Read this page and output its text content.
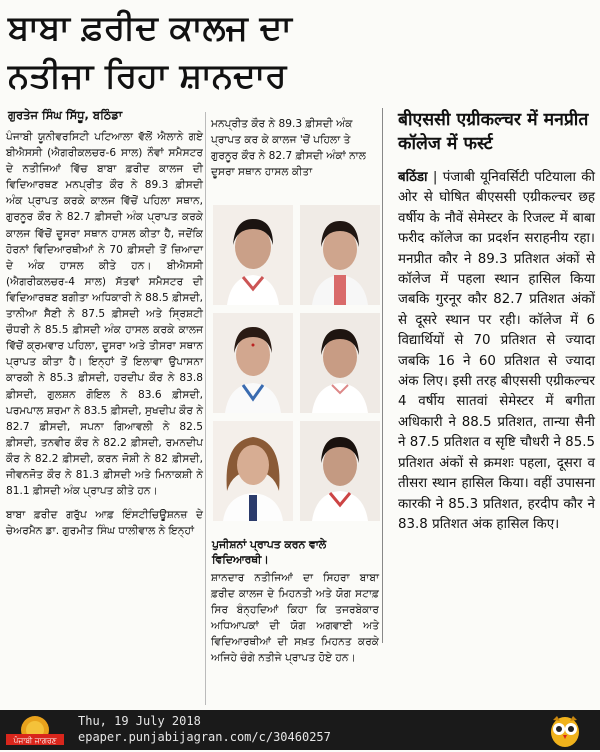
ਬਾਬਾ ਫ਼ਰੀਦ ਕਾਲਜ ਦਾ
ਨਤੀਜਾ ਰਿਹਾ ਸ਼ਾਨਦਾਰ
ਗੁਰਤੇਜ ਸਿੰਘ ਸਿੱਧੂ, ਬਠਿੰਡਾ

ਪੰਜਾਬੀ ਯੂਨੀਵਰਸਿਟੀ ਪਟਿਆਲਾ ਵੱਲੋਂ ਐਲਾਨੇ ਗਏ ਬੀਐਸਸੀ (ਐਗਰੀਕਲਚਰ-6 ਸਾਲ) ਨੌਵਾਂ ਸਮੈਸਟਰ ਦੇ ਨਤੀਜਿਆਂ ਵਿੱਚ ਬਾਬਾ ਫ਼ਰੀਦ ਕਾਲਜ ਦੀ ਵਿਦਿਆਰਥਣ ਮਨਪ੍ਰੀਤ ਕੌਰ ਨੇ 89.3 ਫ਼ੀਸਦੀ ਅੰਕ ਪ੍ਰਾਪਤ ਕਰਕੇ ਕਾਲਜ ਵਿੱਚੋਂ ਪਹਿਲਾ ਸਥਾਨ, ਗੁਰਨੂਰ ਕੌਰ ਨੇ 82.7 ਫ਼ੀਸਦੀ ਅੰਕ ਪ੍ਰਾਪਤ ਕਰਕੇ ਕਾਲਜ ਵਿੱਚੋਂ ਦੂਸਰਾ ਸਥਾਨ ਹਾਸਲ ਕੀਤਾ ਹੈ, ਜਦੋਂਕਿ ਹੋਰਨਾਂ ਵਿਦਿਆਰਥੀਆਂ ਨੇ 70 ਫ਼ੀਸਦੀ ਤੋਂ ਜ਼ਿਆਦਾ ਦੇ ਅੰਕ ਹਾਸਲ ਕੀਤੇ ਹਨ। ਬੀਐਸਸੀ (ਐਗਰੀਕਲਚਰ-4 ਸਾਲ) ਸੱਤਵਾਂ ਸਮੈਸਟਰ ਦੀ ਵਿਦਿਆਰਥਣ ਬਗੀਤਾ ਅਧਿਕਾਰੀ ਨੇ 88.5 ਫ਼ੀਸਦੀ, ਤਾਨੀਆ ਸੈਣੀ ਨੇ 87.5 ਫ਼ੀਸਦੀ ਅਤੇ ਸ੍ਰਿਸ਼ਟੀ ਚੌਧਰੀ ਨੇ 85.5 ਫ਼ੀਸਦੀ ਅੰਕ ਹਾਸਲ ਕਰਕੇ ਕਾਲਜ ਵਿੱਚੋਂ ਕ੍ਰਮਵਾਰ ਪਹਿਲਾ, ਦੂਸਰਾ ਅਤੇ ਤੀਸਰਾ ਸਥਾਨ ਪ੍ਰਾਪਤ ਕੀਤਾ ਹੈ। ਇਨ੍ਹਾਂ ਤੋਂ ਇਲਾਵਾ ਉਪਾਸਨਾ ਕਾਰਕੀ ਨੇ 85.3 ਫ਼ੀਸਦੀ, ਹਰਦੀਪ ਕੌਰ ਨੇ 83.8 ਫ਼ੀਸਦੀ, ਗੁਲਸ਼ਨ ਗੋਇਲ ਨੇ 83.6 ਫ਼ੀਸਦੀ, ਪਰਮਪਾਲ ਸ਼ਰਮਾ ਨੇ 83.5 ਫ਼ੀਸਦੀ, ਸੁਖਦੀਪ ਕੌਰ ਨੇ 82.7 ਫ਼ੀਸਦੀ, ਸਪਨਾ ਗਿਆਵਲੀ ਨੇ 82.5 ਫ਼ੀਸਦੀ, ਤਨਵੀਰ ਕੌਰ ਨੇ 82.2 ਫ਼ੀਸਦੀ, ਰਮਨਦੀਪ ਕੌਰ ਨੇ 82.2 ਫ਼ੀਸਦੀ, ਕਰਨ ਜੋਸ਼ੀ ਨੇ 82 ਫ਼ੀਸਦੀ, ਜੀਵਨਜੋਤ ਕੌਰ ਨੇ 81.3 ਫ਼ੀਸਦੀ ਅਤੇ ਮਿਨਾਕਸ਼ੀ ਨੇ 81.1 ਫ਼ੀਸਦੀ ਅੰਕ ਪ੍ਰਾਪਤ ਕੀਤੇ ਹਨ।

ਬਾਬਾ ਫ਼ਰੀਦ ਗਰੁੱਪ ਆਫ਼ ਇੰਸਟੀਚਿਊਸ਼ਨਜ਼ ਦੇ ਚੇਅਰਮੈਨ ਡਾ. ਗੁਰਮੀਤ ਸਿੰਘ ਧਾਲੀਵਾਲ ਨੇ ਇਨ੍ਹਾਂ

ਮਨਪ੍ਰੀਤ ਕੌਰ ਨੇ 89.3 ਫ਼ੀਸਦੀ ਅੰਕ ਪ੍ਰਾਪਤ ਕਰ ਕੇ ਕਾਲਜ 'ਚੋਂ ਪਹਿਲਾ ਤੇ ਗੁਰਨੂਰ ਕੌਰ ਨੇ 82.7 ਫ਼ੀਸਦੀ ਅੰਕਾਂ ਨਾਲ ਦੂਸਰਾ ਸਥਾਨ ਹਾਸਲ ਕੀਤਾ
ਪੁਜੀਸ਼ਨਾਂ ਪ੍ਰਾਪਤ ਕਰਨ ਵਾਲੇ ਵਿਦਿਆਰਥੀ।
ਸ਼ਾਨਦਾਰ ਨਤੀਜਿਆਂ ਦਾ ਸਿਹਰਾ ਬਾਬਾ ਫ਼ਰੀਦ ਕਾਲਜ ਦੇ ਮਿਹਨਤੀ ਅਤੇ ਯੋਗ ਸਟਾਫ਼ ਸਿਰ ਬੰਨ੍ਹਦਿਆਂ ਕਿਹਾ ਕਿ ਤਜਰਬੇਕਾਰ ਅਧਿਆਪਕਾਂ ਦੀ ਯੋਗ ਅਗਵਾਈ ਅਤੇ ਵਿਦਿਆਰਥੀਆਂ ਦੀ ਸਖ਼ਤ ਮਿਹਨਤ ਕਰਕੇ ਅਜਿਹੇ ਚੰਗੇ ਨਤੀਜੇ ਪ੍ਰਾਪਤ ਹੋਏ ਹਨ।
बीएससी एग्रीकल्चर में मनप्रीत कॉलेज में फर्स्ट
बठिंडा | पंजाबी यूनिवर्सिटी पटियाला की ओर से घोषित बीएससी एग्रीकल्चर छह वर्षीय के नौवें सेमेस्टर के रिजल्ट में बाबा फरीद कॉलेज का प्रदर्शन सराहनीय रहा। मनप्रीत कौर ने 89.3 प्रतिशत अंकों से कॉलेज में पहला स्थान हासिल किया जबकि गुरनूर कौर 82.7 प्रतिशत अंकों से दूसरे स्थान पर रही। कॉलेज में 6 विद्यार्थियों से 70 प्रतिशत से ज्यादा जबकि 16 ने 60 प्रतिशत से ज्यादा अंक लिए। इसी तरह बीएससी एग्रीकल्चर 4 वर्षीय सातवां सेमेस्टर में बगीता अधिकारी ने 88.5 प्रतिशत, तान्या सैनी ने 87.5 प्रतिशत व सृष्टि चौधरी ने 85.5 प्रतिशत अंकों से क्रमशः पहला, दूसरा व तीसरा स्थान हासिल किया। वहीं उपासना कारकी ने 85.3 प्रतिशत, हरदीप कौर ने 83.8 प्रतिशत अंक हासिल किए।
ਪੰਜਾਬੀ ਜਾਗਰਣ
Thu, 19 July 2018
epaper.punjabijagran.com/c/30460257
